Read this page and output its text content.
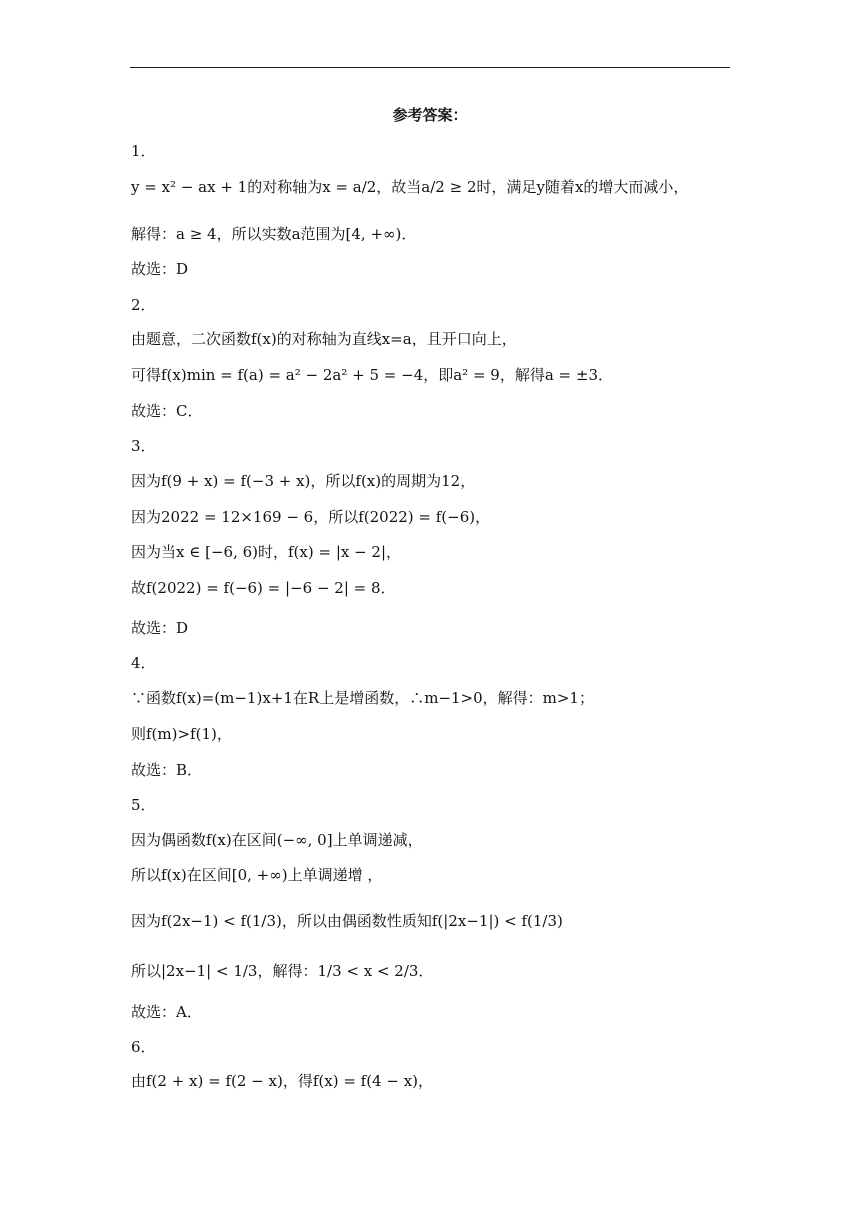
参考答案：
1．
y = x² − ax + 1的对称轴为x = a/2，故当a/2 ≥ 2时，满足y随着x的增大而减小，
解得：a ≥ 4，所以实数a范围为[4, +∞)．
故选：D
2．
由题意，二次函数f(x)的对称轴为直线x=a，且开口向上，
可得f(x)min = f(a) = a² − 2a² + 5 = −4，即a² = 9，解得a = ±3．
故选：C．
3．
因为f(9 + x) = f(−3 + x)，所以f(x)的周期为12，
因为2022 = 12×169 − 6，所以f(2022) = f(−6)，
因为当x ∈ [−6, 6)时，f(x) = |x − 2|，
故f(2022) = f(−6) = |−6 − 2| = 8．
故选：D
4．
∵函数f(x)=(m−1)x+1在R上是增函数，∴m−1>0，解得：m>1；
则f(m)>f(1)，
故选：B．
5．
因为偶函数f(x)在区间(−∞, 0]上单调递减，
所以f(x)在区间[0, +∞)上单调递增 ，
因为f(2x−1) < f(1/3)，所以由偶函数性质知f(|2x−1|) < f(1/3)
所以|2x−1| < 1/3，解得：1/3 < x < 2/3．
故选：A．
6．
由f(2 + x) = f(2 − x)，得f(x) = f(4 − x)，
